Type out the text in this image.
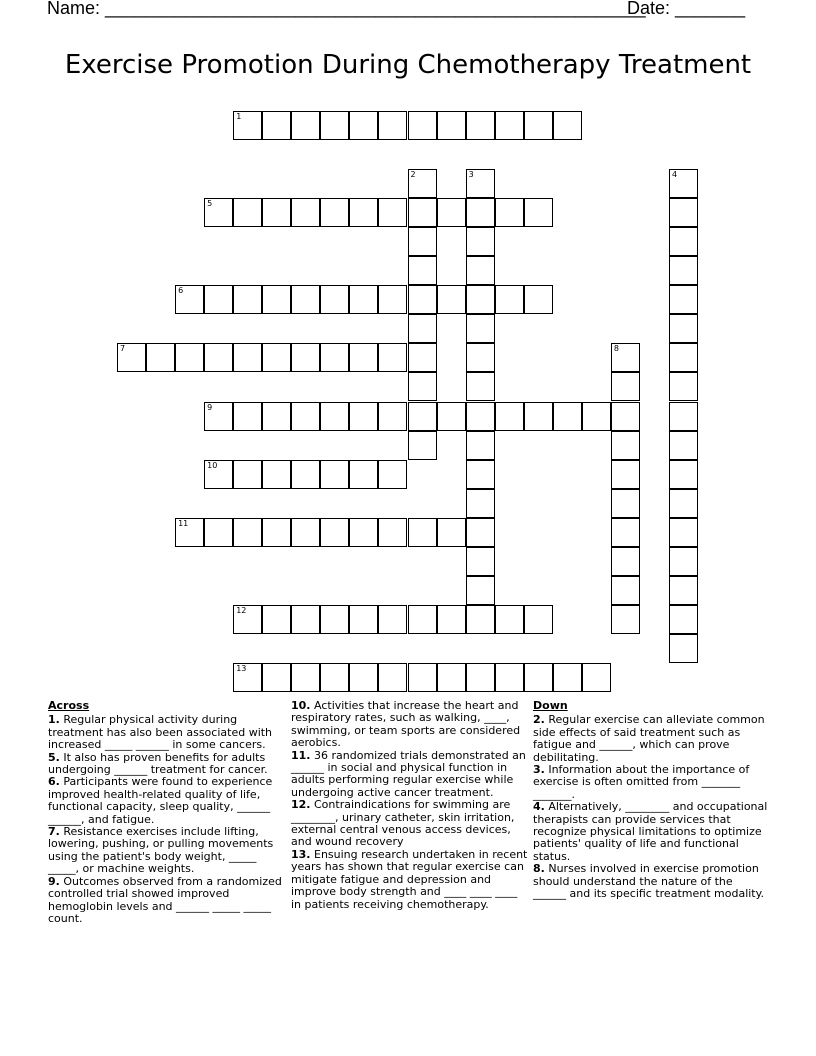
Name: ______________________________________________________
Date: _______
Exercise Promotion During Chemotherapy Treatment
1
2	3	4
5
6
7	8
9
10
11
12
13
Across
1. Regular physical activity during treatment has also been associated with increased _____ ______ in some cancers.
5. It also has proven benefits for adults undergoing ______ treatment for cancer.
6. Participants were found to experience improved health-related quality of life, functional capacity, sleep quality, ______ ______, and fatigue.
7. Resistance exercises include lifting, lowering, pushing, or pulling movements using the patient's body weight, _____ _____, or machine weights.
9. Outcomes observed from a randomized controlled trial showed improved hemoglobin levels and ______ _____ _____ count.
10. Activities that increase the heart and respiratory rates, such as walking, ____, swimming, or team sports are considered aerobics.
11. 36 randomized trials demonstrated an ______ in social and physical function in adults performing regular exercise while undergoing active cancer treatment.
12. Contraindications for swimming are ________, urinary catheter, skin irritation, external central venous access devices, and wound recovery
13. Ensuing research undertaken in recent years has shown that regular exercise can mitigate fatigue and depression and improve body strength and ____ ____ ____ in patients receiving chemotherapy.
Down
2. Regular exercise can alleviate common side effects of said treatment such as fatigue and ______, which can prove debilitating.
3. Information about the importance of exercise is often omitted from _______ _______.
4. Alternatively, ________ and occupational therapists can provide services that recognize physical limitations to optimize patients' quality of life and functional status.
8. Nurses involved in exercise promotion should understand the nature of the ______ and its specific treatment modality.
